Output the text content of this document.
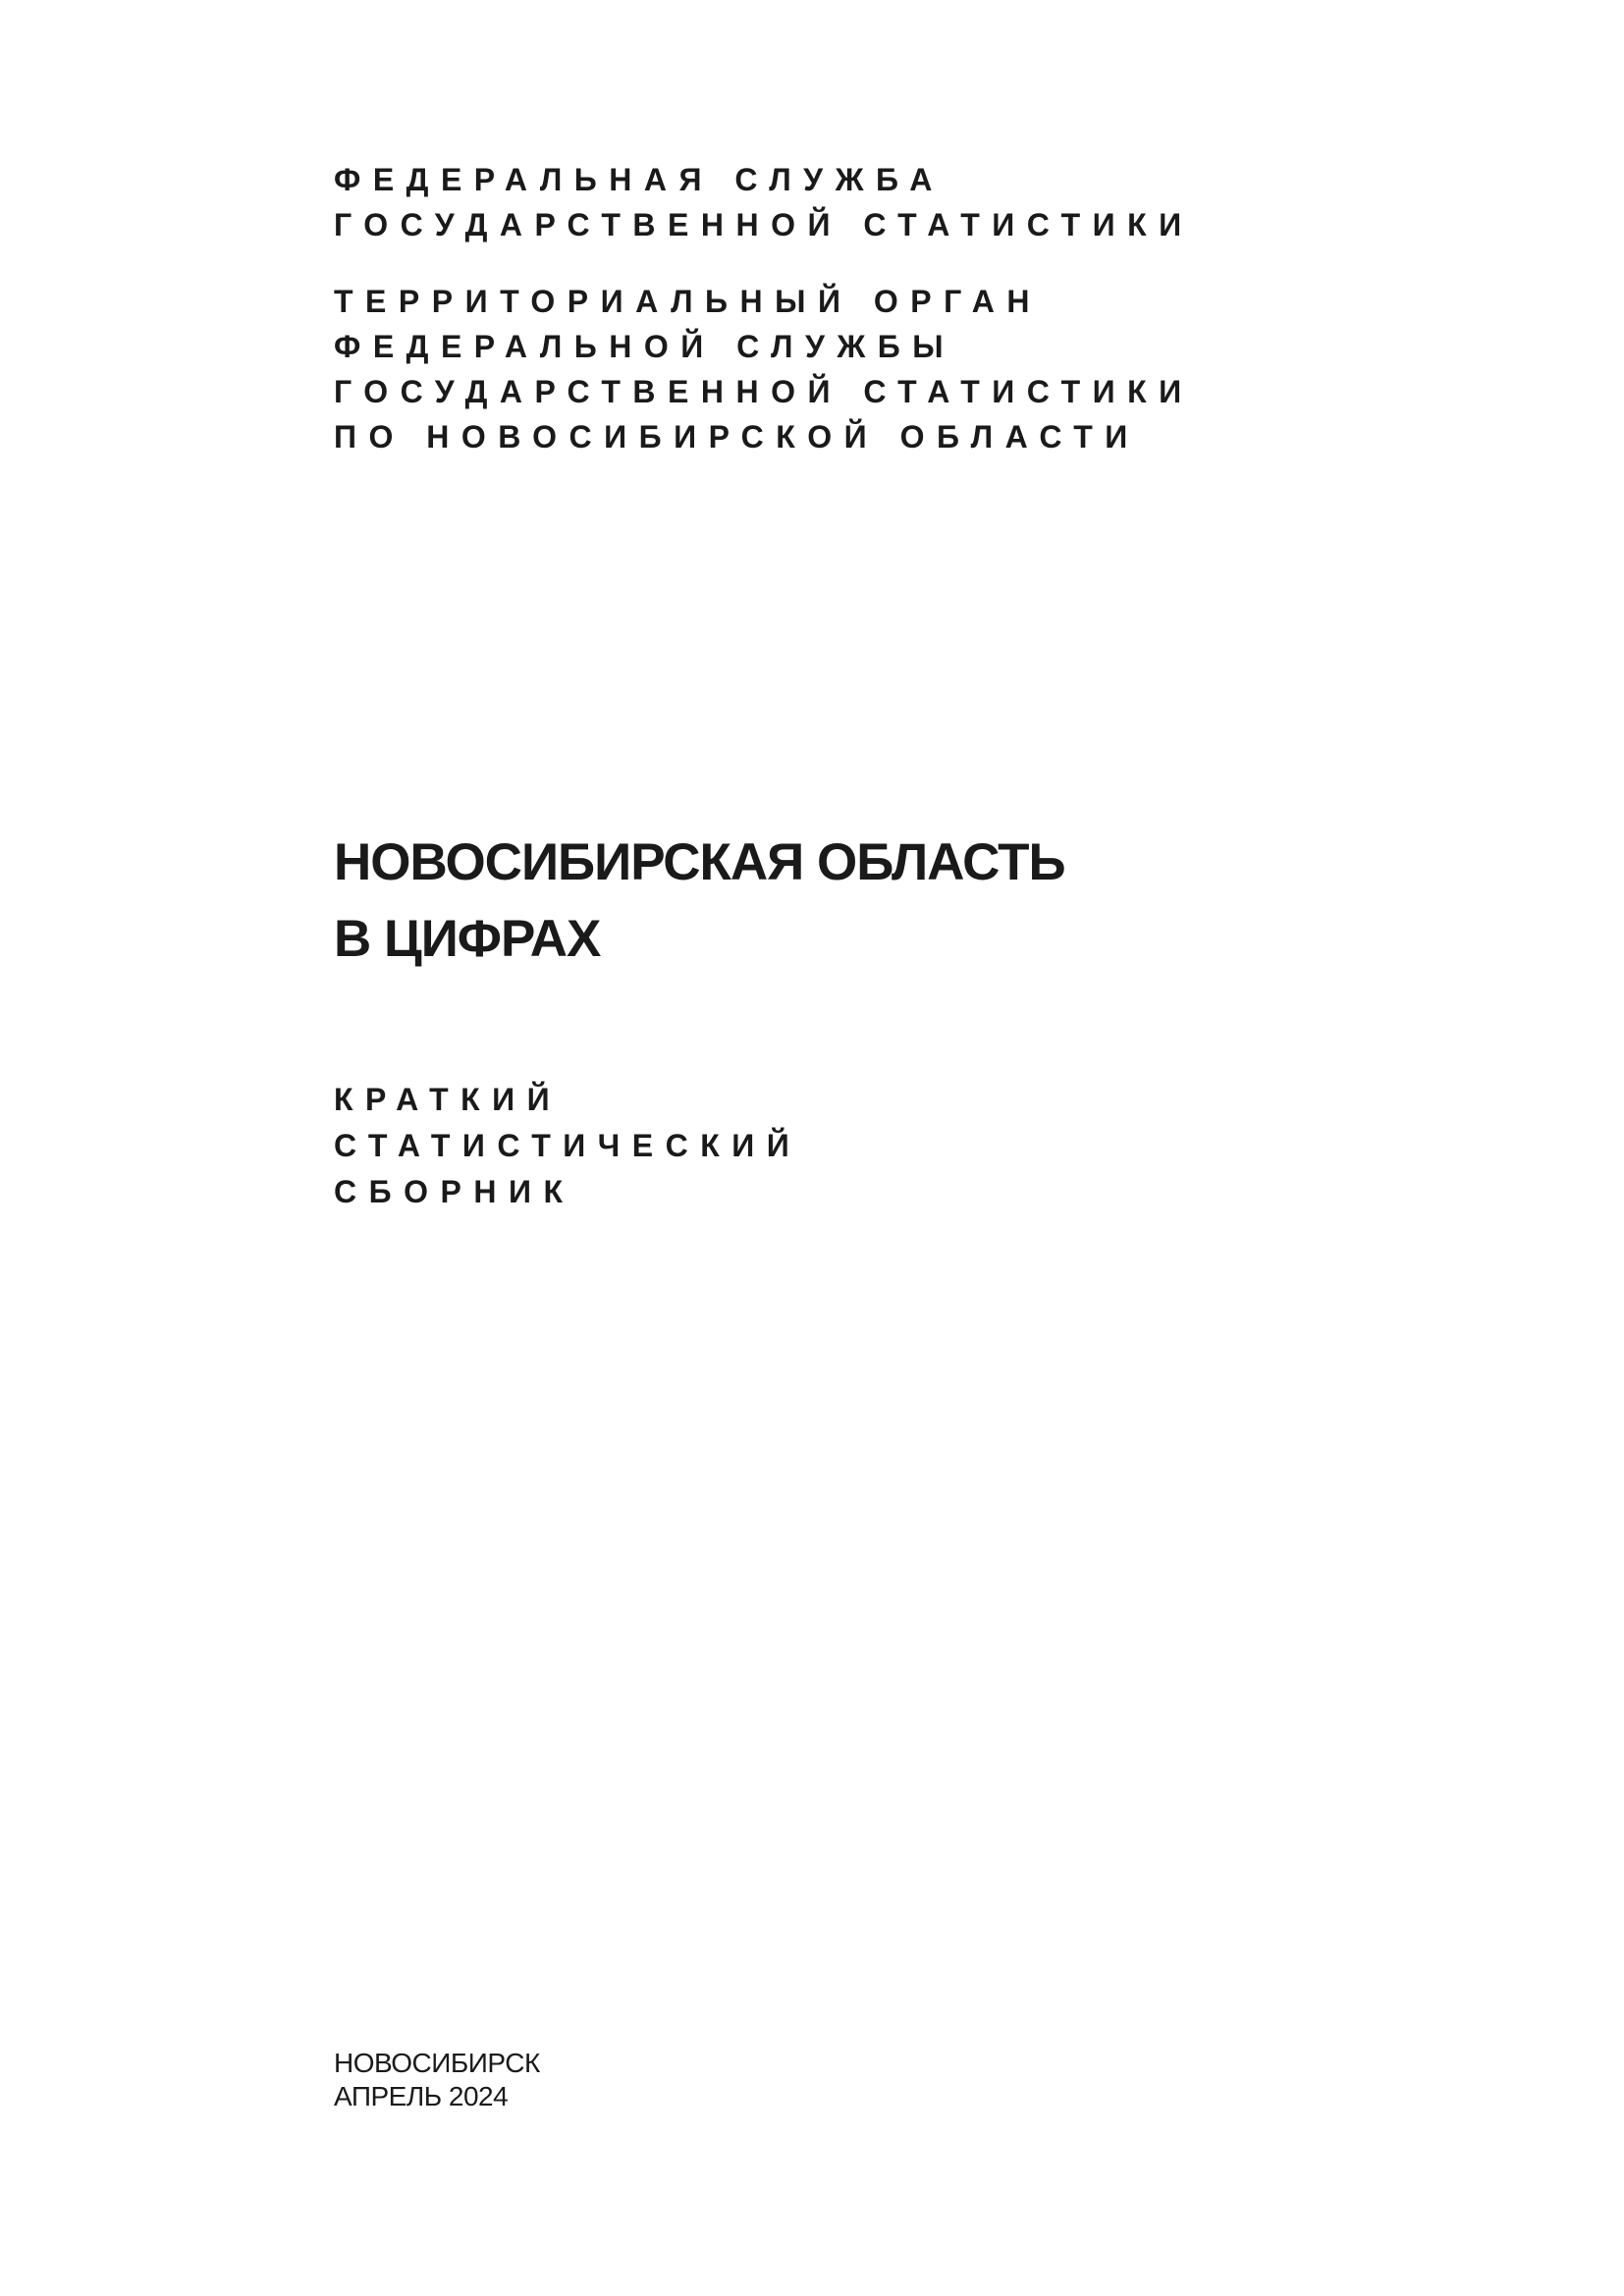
ФЕДЕРАЛЬНАЯ СЛУЖБА
ГОСУДАРСТВЕННОЙ СТАТИСТИКИ

ТЕРРИТОРИАЛЬНЫЙ ОРГАН
ФЕДЕРАЛЬНОЙ СЛУЖБЫ
ГОСУДАРСТВЕННОЙ СТАТИСТИКИ
ПО НОВОСИБИРСКОЙ ОБЛАСТИ

НОВОСИБИРСКАЯ ОБЛАСТЬ
В ЦИФРАХ

КРАТКИЙ
СТАТИСТИЧЕСКИЙ
СБОРНИК

НОВОСИБИРСК
АПРЕЛЬ 2024
